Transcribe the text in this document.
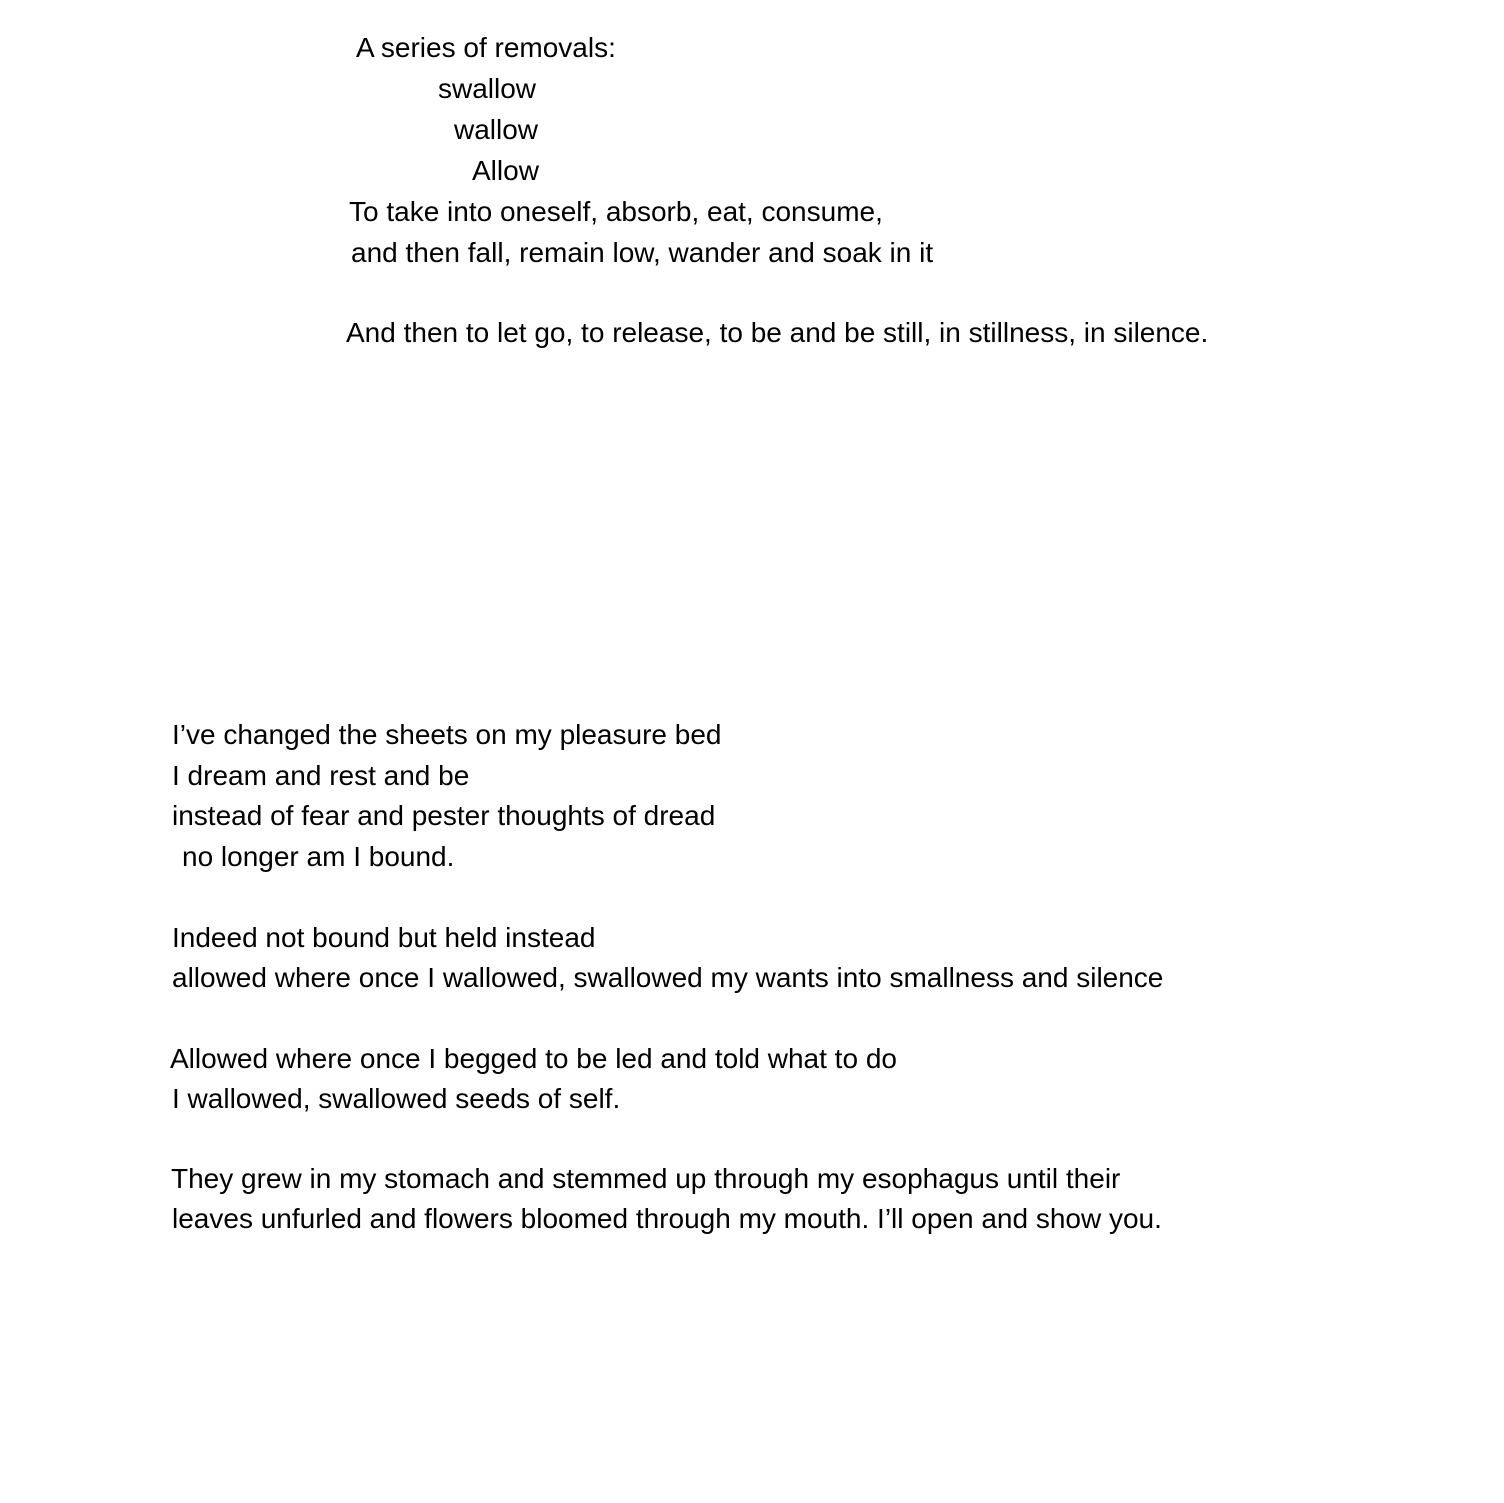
A series of removals:
swallow
wallow
Allow
To take into oneself, absorb, eat, consume,
and then fall, remain low, wander and soak in it
And then to let go, to release, to be and be still, in stillness, in silence.
I’ve changed the sheets on my pleasure bed
I dream and rest and be
instead of fear and pester thoughts of dread
no longer am I bound.
Indeed not bound but held instead
allowed where once I wallowed, swallowed my wants into smallness and silence
Allowed where once I begged to be led and told what to do
I wallowed, swallowed seeds of self.
They grew in my stomach and stemmed up through my esophagus until their
leaves unfurled and flowers bloomed through my mouth. I’ll open and show you.
